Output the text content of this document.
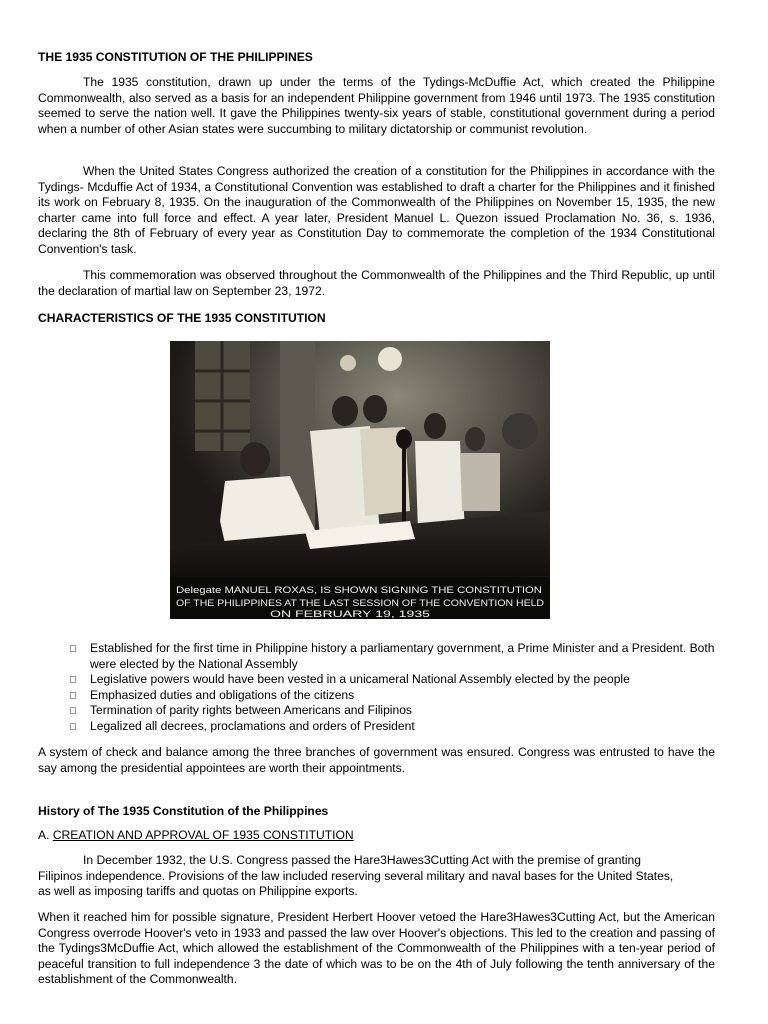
THE 1935 CONSTITUTION OF THE PHILIPPINES

The 1935 constitution, drawn up under the terms of the Tydings-McDuffie Act, which created the Philippine Commonwealth, also served as a basis for an independent Philippine government from 1946 until 1973. The 1935 constitution seemed to serve the nation well. It gave the Philippines twenty-six years of stable, constitutional government during a period when a number of other Asian states were succumbing to military dictatorship or communist revolution.

When the United States Congress authorized the creation of a constitution for the Philippines in accordance with the Tydings- Mcduffie Act of 1934, a Constitutional Convention was established to draft a charter for the Philippines and it finished its work on February 8, 1935. On the inauguration of the Commonwealth of the Philippines on November 15, 1935, the new charter came into full force and effect. A year later, President Manuel L. Quezon issued Proclamation No. 36, s. 1936, declaring the 8th of February of every year as Constitution Day to commemorate the completion of the 1934 Constitutional Convention's task.

This commemoration was observed throughout the Commonwealth of the Philippines and the Third Republic, up until the declaration of martial law on September 23, 1972.

CHARACTERISTICS OF THE 1935 CONSTITUTION
Delegate MANUEL ROXAS, IS SHOWN SIGNING THE CONSTITUTION
OF THE PHILIPPINES AT THE LAST SESSION OF THE CONVENTION HELD
ON FEBRUARY 19, 1935
Established for the first time in Philippine history a parliamentary government, a Prime Minister and a President. Both were elected by the National Assembly
Legislative powers would have been vested in a unicameral National Assembly elected by the people
Emphasized duties and obligations of the citizens
Termination of parity rights between Americans and Filipinos
Legalized all decrees, proclamations and orders of President

A system of check and balance among the three branches of government was ensured. Congress was entrusted to have the say among the presidential appointees are worth their appointments.

History of The 1935 Constitution of the Philippines
A. CREATION AND APPROVAL OF 1935 CONSTITUTION

In December 1932, the U.S. Congress passed the Hare3Hawes3Cutting Act with the premise of granting Filipinos independence. Provisions of the law included reserving several military and naval bases for the United States, as well as imposing tariffs and quotas on Philippine exports.

When it reached him for possible signature, President Herbert Hoover vetoed the Hare3Hawes3Cutting Act, but the American Congress overrode Hoover's veto in 1933 and passed the law over Hoover's objections. This led to the creation and passing of the Tydings3McDuffie Act, which allowed the establishment of the Commonwealth of the Philippines with a ten-year period of peaceful transition to full independence 3 the date of which was to be on the 4th of July following the tenth anniversary of the establishment of the Commonwealth.
